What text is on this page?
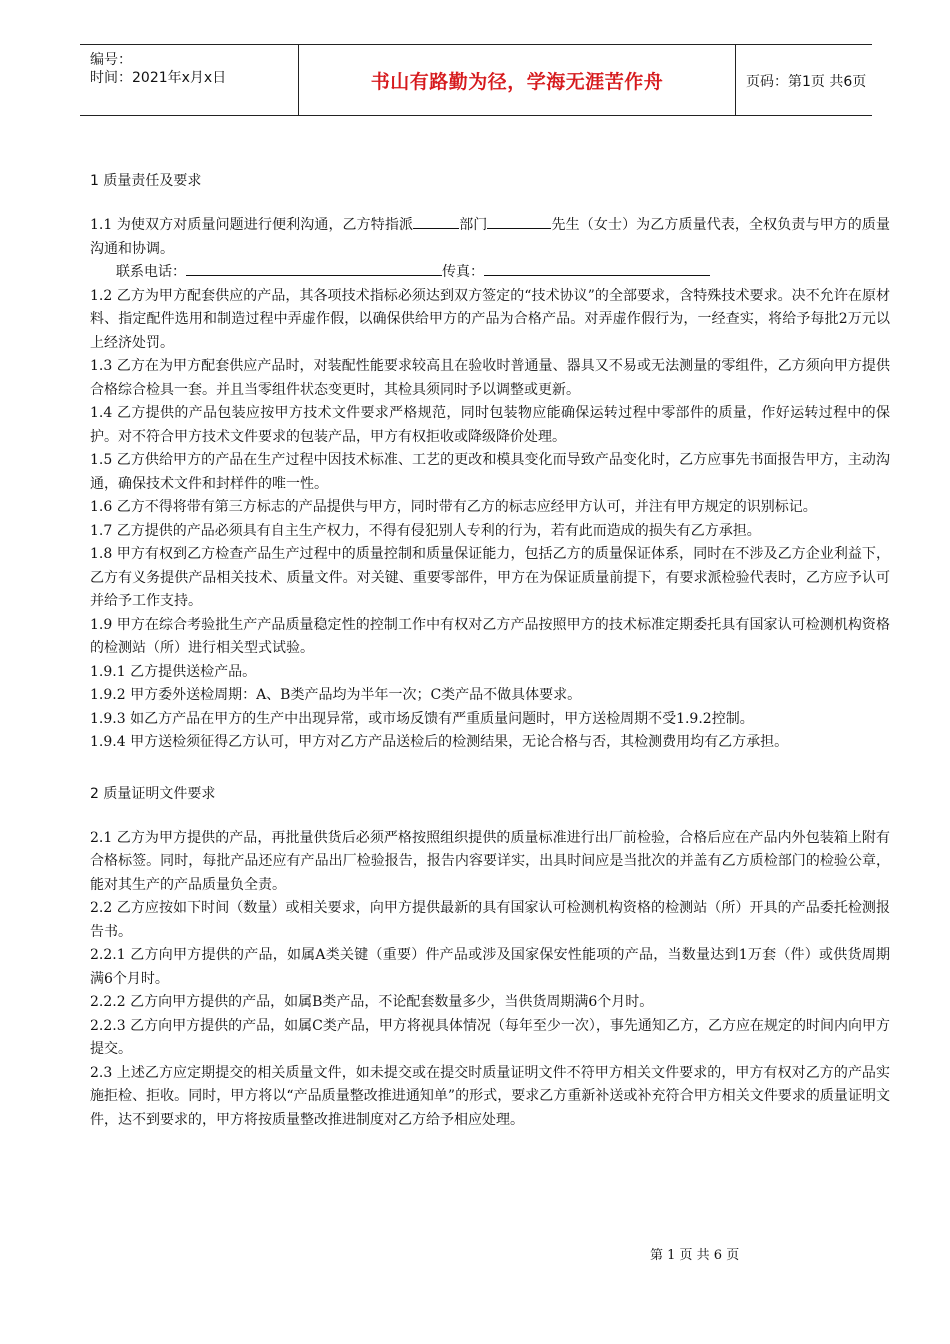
编号：
时间：2021年x月x日	书山有路勤为径，学海无涯苦作舟	页码：第1页 共6页

1 质量责任及要求

1.1 为使双方对质量问题进行便利沟通，乙方特指派	部门	先生（女士）为乙方质量代表，全权负责与甲方的质量沟通和协调。

联系电话：	传真：

1.2 乙方为甲方配套供应的产品，其各项技术指标必须达到双方签定的“技术协议”的全部要求，含特殊技术要求。决不允许在原材料、指定配件选用和制造过程中弄虚作假，以确保供给甲方的产品为合格产品。对弄虚作假行为，一经查实，将给予每批2万元以上经济处罚。

1.3 乙方在为甲方配套供应产品时，对装配性能要求较高且在验收时普通量、器具又不易或无法测量的零组件，乙方须向甲方提供合格综合检具一套。并且当零组件状态变更时，其检具须同时予以调整或更新。

1.4 乙方提供的产品包装应按甲方技术文件要求严格规范，同时包装物应能确保运转过程中零部件的质量，作好运转过程中的保护。对不符合甲方技术文件要求的包装产品，甲方有权拒收或降级降价处理。

1.5 乙方供给甲方的产品在生产过程中因技术标准、工艺的更改和模具变化而导致产品变化时，乙方应事先书面报告甲方，主动沟通，确保技术文件和封样件的唯一性。

1.6 乙方不得将带有第三方标志的产品提供与甲方，同时带有乙方的标志应经甲方认可，并注有甲方规定的识别标记。

1.7 乙方提供的产品必须具有自主生产权力，不得有侵犯别人专利的行为，若有此而造成的损失有乙方承担。

1.8 甲方有权到乙方检查产品生产过程中的质量控制和质量保证能力，包括乙方的质量保证体系，同时在不涉及乙方企业利益下，乙方有义务提供产品相关技术、质量文件。对关键、重要零部件，甲方在为保证质量前提下，有要求派检验代表时，乙方应予认可并给予工作支持。

1.9 甲方在综合考验批生产产品质量稳定性的控制工作中有权对乙方产品按照甲方的技术标准定期委托具有国家认可检测机构资格的检测站（所）进行相关型式试验。

1.9.1 乙方提供送检产品。

1.9.2 甲方委外送检周期：A、B类产品均为半年一次；C类产品不做具体要求。

1.9.3 如乙方产品在甲方的生产中出现异常，或市场反馈有严重质量问题时，甲方送检周期不受1.9.2控制。

1.9.4 甲方送检须征得乙方认可，甲方对乙方产品送检后的检测结果，无论合格与否，其检测费用均有乙方承担。

2 质量证明文件要求

2.1 乙方为甲方提供的产品，再批量供货后必须严格按照组织提供的质量标准进行出厂前检验，合格后应在产品内外包装箱上附有合格标签。同时，每批产品还应有产品出厂检验报告，报告内容要详实，出具时间应是当批次的并盖有乙方质检部门的检验公章，能对其生产的产品质量负全责。

2.2 乙方应按如下时间（数量）或相关要求，向甲方提供最新的具有国家认可检测机构资格的检测站（所）开具的产品委托检测报告书。

2.2.1 乙方向甲方提供的产品，如属A类关键（重要）件产品或涉及国家保安性能项的产品，当数量达到1万套（件）或供货周期满6个月时。

2.2.2 乙方向甲方提供的产品，如属B类产品，不论配套数量多少，当供货周期满6个月时。

2.2.3 乙方向甲方提供的产品，如属C类产品，甲方将视具体情况（每年至少一次），事先通知乙方，乙方应在规定的时间内向甲方提交。

2.3 上述乙方应定期提交的相关质量文件，如未提交或在提交时质量证明文件不符甲方相关文件要求的，甲方有权对乙方的产品实施拒检、拒收。同时，甲方将以“产品质量整改推进通知单”的形式，要求乙方重新补送或补充符合甲方相关文件要求的质量证明文件，达不到要求的，甲方将按质量整改推进制度对乙方给予相应处理。

第 1 页 共 6 页
